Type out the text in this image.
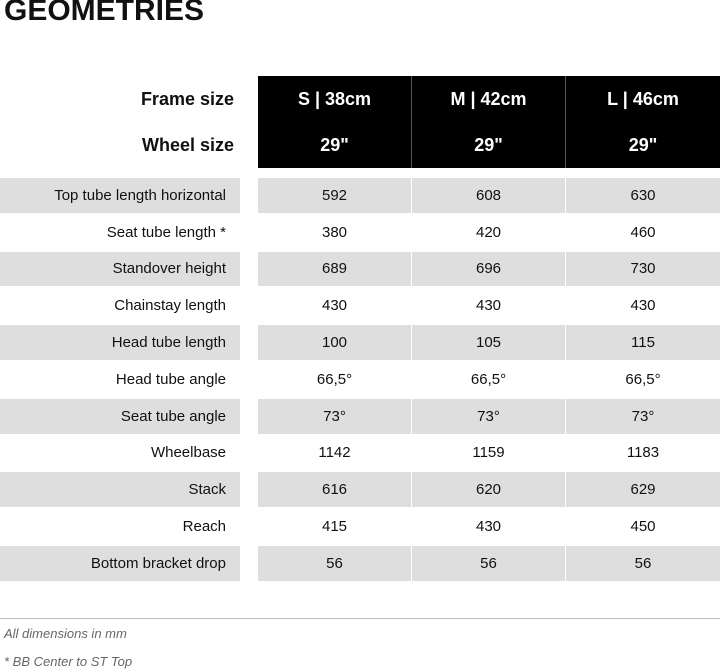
GEOMETRIES
Frame size	S | 38cm	M | 42cm	L | 46cm
Wheel size	29"	29"	29"
Top tube length horizontal	592	608	630
Seat tube length *	380	420	460
Standover height	689	696	730
Chainstay length	430	430	430
Head tube length	100	105	115
Head tube angle	66,5°	66,5°	66,5°
Seat tube angle	73°	73°	73°
Wheelbase	1142	1159	1183
Stack	616	620	629
Reach	415	430	450
Bottom bracket drop	56	56	56
All dimensions in mm
* BB Center to ST Top
